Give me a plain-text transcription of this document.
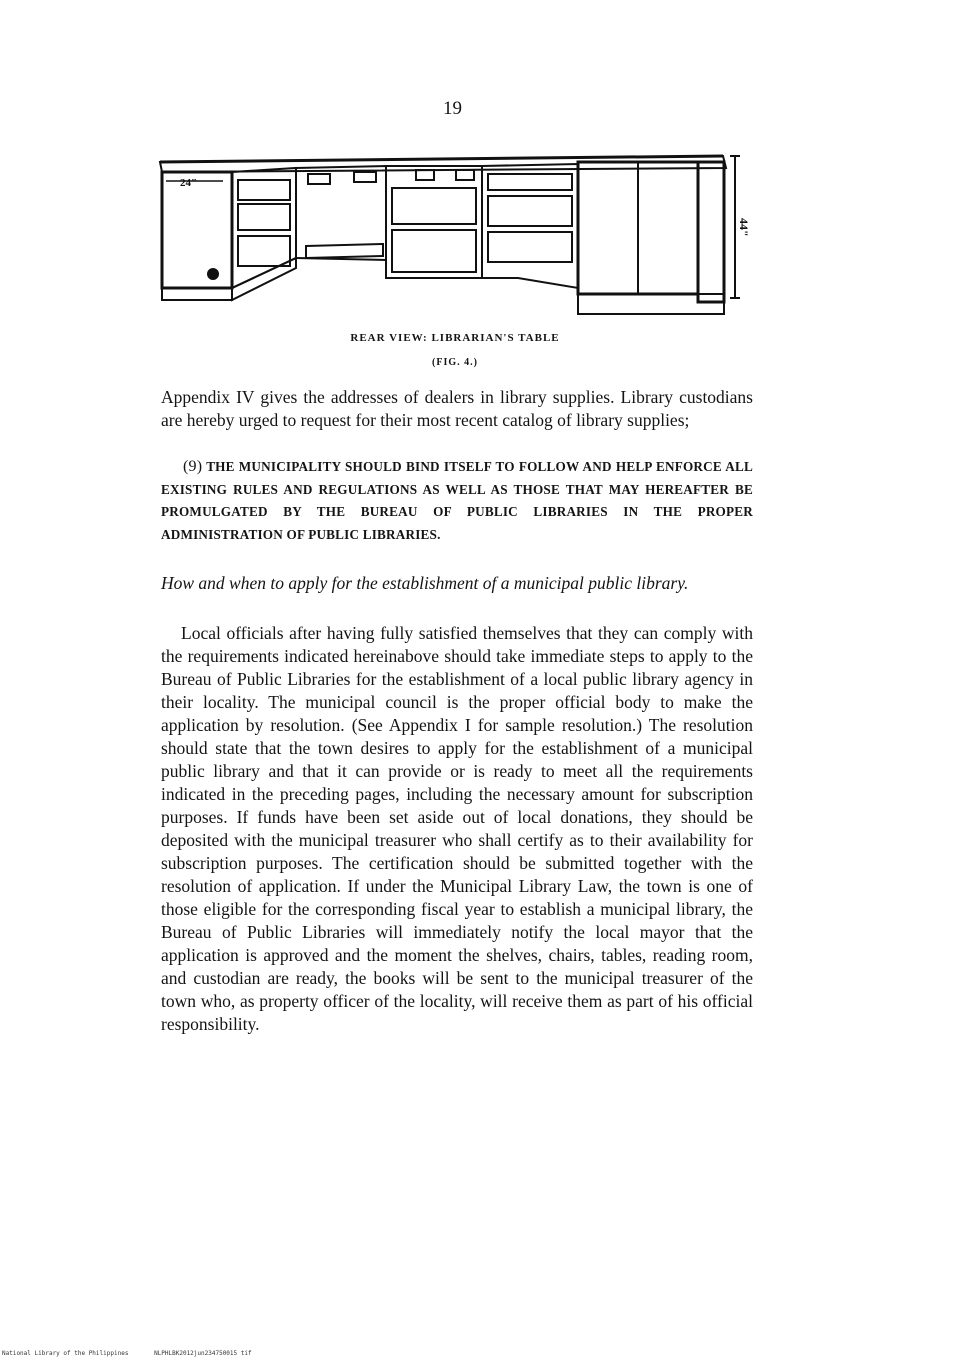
19
24"
44"
REAR VIEW: LIBRARIAN'S TABLE
(FIG. 4.)
Appendix IV gives the addresses of dealers in library supplies. Library custodians are hereby urged to request for their most recent catalog of library supplies;
(9) THE MUNICIPALITY SHOULD BIND ITSELF TO FOLLOW AND HELP ENFORCE ALL EXISTING RULES AND REGULATIONS AS WELL AS THOSE THAT MAY HEREAFTER BE PROMULGATED BY THE BUREAU OF PUBLIC LIBRARIES IN THE PROPER ADMINISTRATION OF PUBLIC LIBRARIES.
How and when to apply for the establishment of a municipal public library.
Local officials after having fully satisfied themselves that they can comply with the requirements indicated hereinabove should take immediate steps to apply to the Bureau of Public Libraries for the establishment of a local public library agency in their locality. The municipal council is the proper official body to make the application by resolution. (See Appendix I for sample resolution.) The resolution should state that the town desires to apply for the establishment of a municipal public library and that it can provide or is ready to meet all the requirements indicated in the preceding pages, including the necessary amount for subscription purposes. If funds have been set aside out of local donations, they should be deposited with the municipal treasurer who shall certify as to their availability for subscription purposes. The certification should be submitted together with the resolution of application. If under the Municipal Library Law, the town is one of those eligible for the corresponding fiscal year to establish a municipal library, the Bureau of Public Libraries will immediately notify the local mayor that the application is approved and the moment the shelves, chairs, tables, reading room, and custodian are ready, the books will be sent to the municipal treasurer of the town who, as property officer of the locality, will receive them as part of his official responsibility.
National Library of the Philippines	NLPHLBK2012jun234750015 tif
